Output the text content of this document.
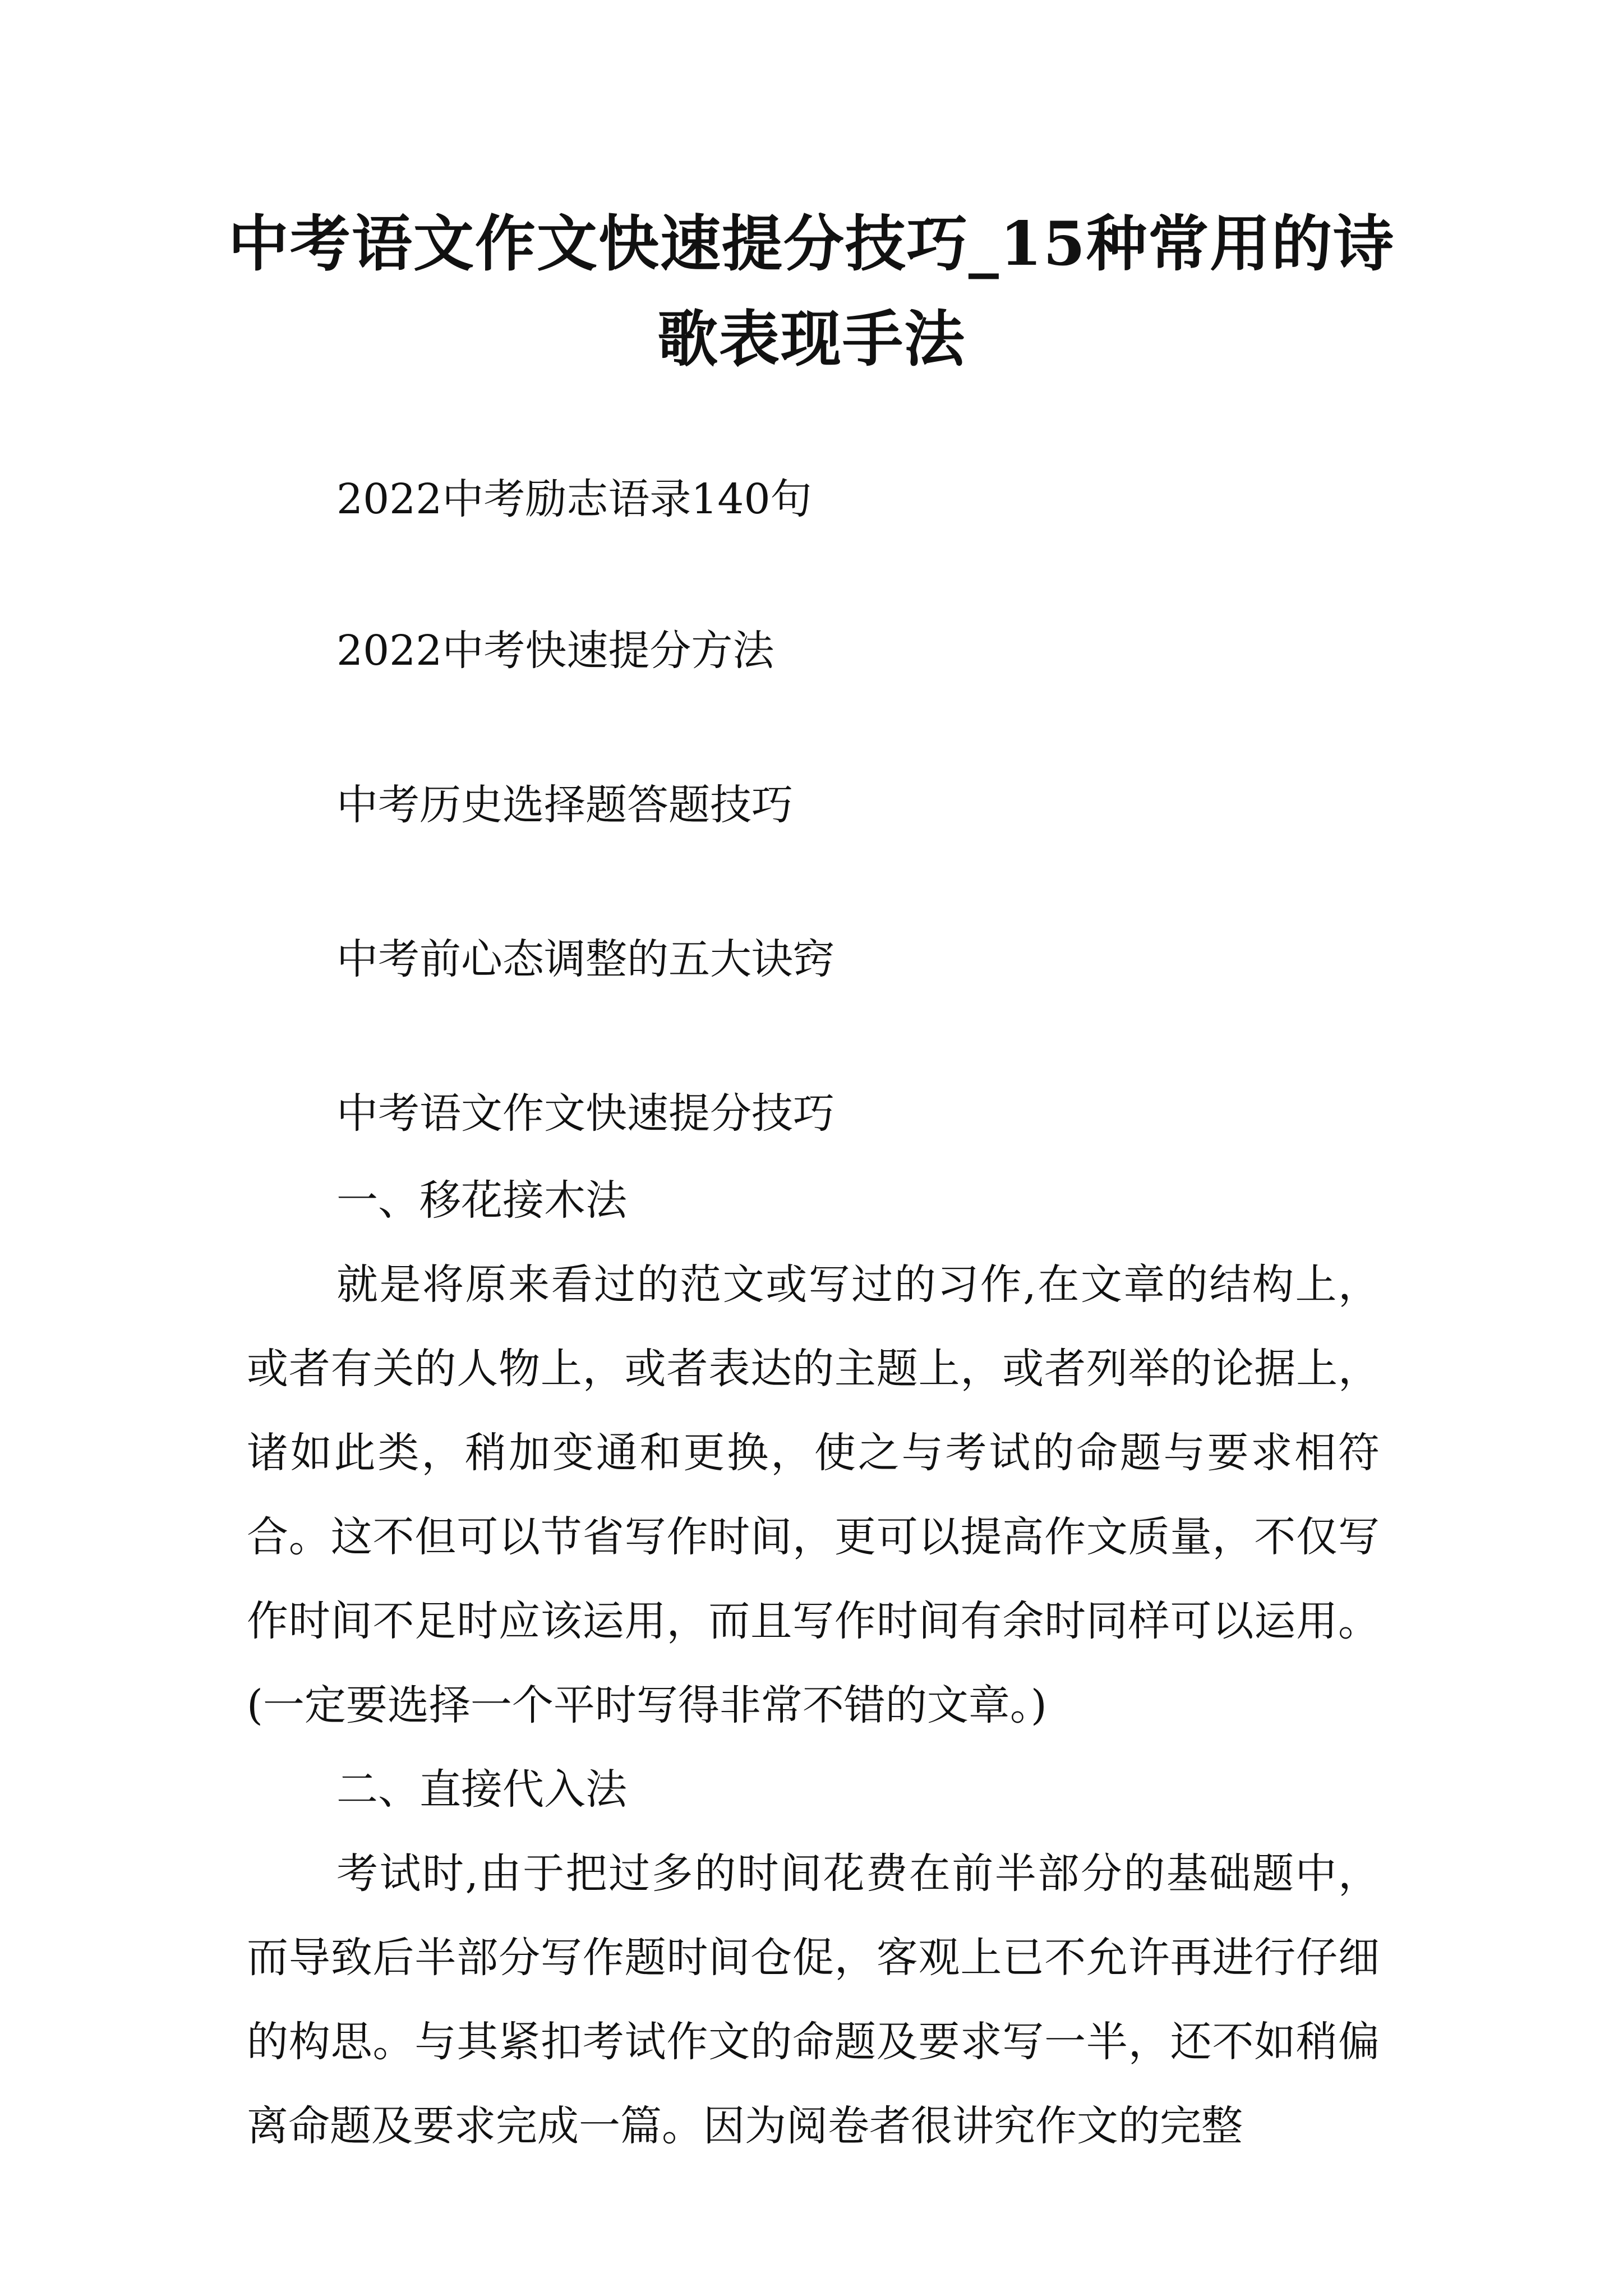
中考语文作文快速提分技巧_15种常用的诗
歌表现手法
2022中考励志语录140句
2022中考快速提分方法
中考历史选择题答题技巧
中考前心态调整的五大诀窍
中考语文作文快速提分技巧

一、移花接木法

就是将原来看过的范文或写过的习作,在文章的结构上，或者有关的人物上，或者表达的主题上，或者列举的论据上，诸如此类，稍加变通和更换，使之与考试的命题与要求相符合。这不但可以节省写作时间，更可以提高作文质量，不仅写作时间不足时应该运用，而且写作时间有余时同样可以运用。(一定要选择一个平时写得非常不错的文章。)

二、直接代入法

考试时,由于把过多的时间花费在前半部分的基础题中，而导致后半部分写作题时间仓促，客观上已不允许再进行仔细的构思。与其紧扣考试作文的命题及要求写一半，还不如稍偏离命题及要求完成一篇。因为阅卷者很讲究作文的完整
